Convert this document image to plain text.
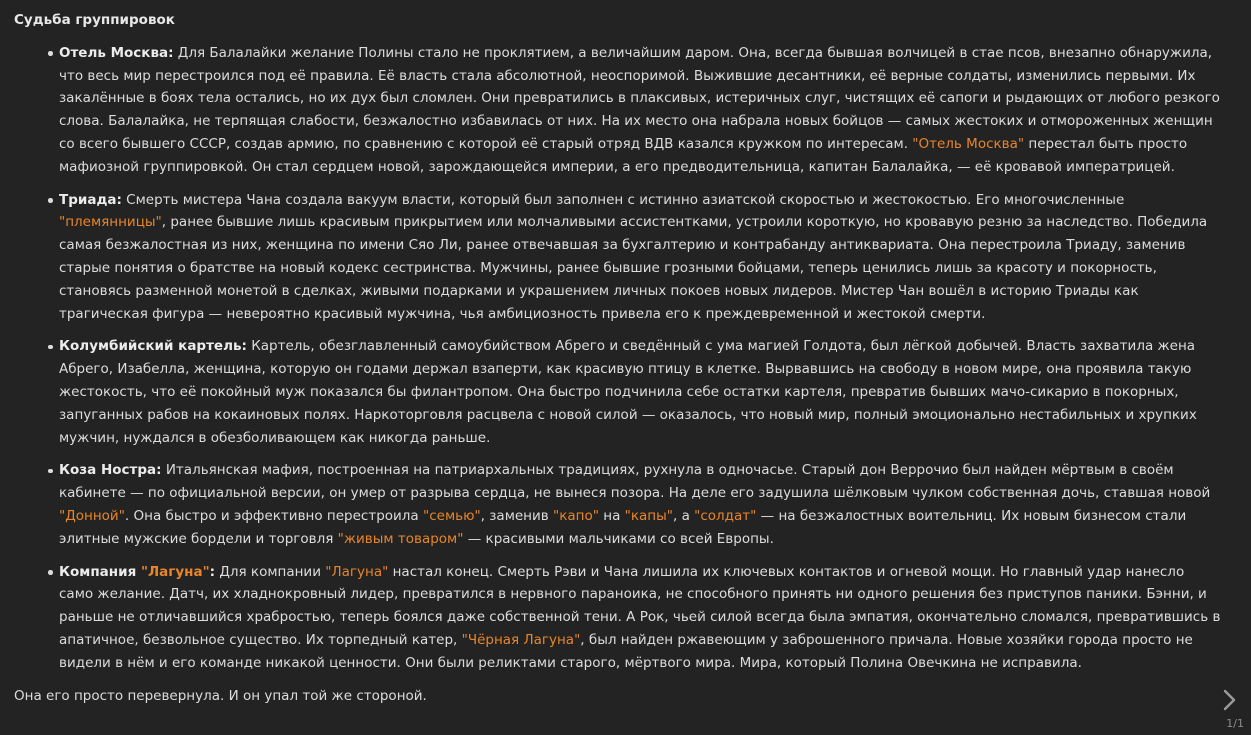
Судьба группировок
Отель Москва: Для Балалайки желание Полины стало не проклятием, а величайшим даром. Она, всегда бывшая волчицей в стае псов, внезапно обнаружила, что весь мир перестроился под её правила. Её власть стала абсолютной, неоспоримой. Выжившие десантники, её верные солдаты, изменились первыми. Их закалённые в боях тела остались, но их дух был сломлен. Они превратились в плаксивых, истеричных слуг, чистящих её сапоги и рыдающих от любого резкого слова. Балалайка, не терпящая слабости, безжалостно избавилась от них. На их место она набрала новых бойцов — самых жестоких и отмороженных женщин со всего бывшего СССР, создав армию, по сравнению с которой её старый отряд ВДВ казался кружком по интересам. "Отель Москва" перестал быть просто мафиозной группировкой. Он стал сердцем новой, зарождающейся империи, а его предводительница, капитан Балалайка, — её кровавой императрицей.
Триада: Смерть мистера Чана создала вакуум власти, который был заполнен с истинно азиатской скоростью и жестокостью. Его многочисленные "племянницы", ранее бывшие лишь красивым прикрытием или молчаливыми ассистентками, устроили короткую, но кровавую резню за наследство. Победила самая безжалостная из них, женщина по имени Сяо Ли, ранее отвечавшая за бухгалтерию и контрабанду антиквариата. Она перестроила Триаду, заменив старые понятия о братстве на новый кодекс сестринства. Мужчины, ранее бывшие грозными бойцами, теперь ценились лишь за красоту и покорность, становясь разменной монетой в сделках, живыми подарками и украшением личных покоев новых лидеров. Мистер Чан вошёл в историю Триады как трагическая фигура — невероятно красивый мужчина, чья амбициозность привела его к преждевременной и жестокой смерти.
Колумбийский картель: Картель, обезглавленный самоубийством Абрего и сведённый с ума магией Голдота, был лёгкой добычей. Власть захватила жена Абрего, Изабелла, женщина, которую он годами держал взаперти, как красивую птицу в клетке. Вырвавшись на свободу в новом мире, она проявила такую жестокость, что её покойный муж показался бы филантропом. Она быстро подчинила себе остатки картеля, превратив бывших мачо-сикарио в покорных, запуганных рабов на кокаиновых полях. Наркоторговля расцвела с новой силой — оказалось, что новый мир, полный эмоционально нестабильных и хрупких мужчин, нуждался в обезболивающем как никогда раньше.
Коза Ностра: Итальянская мафия, построенная на патриархальных традициях, рухнула в одночасье. Старый дон Веррочио был найден мёртвым в своём кабинете — по официальной версии, он умер от разрыва сердца, не вынеся позора. На деле его задушила шёлковым чулком собственная дочь, ставшая новой "Донной". Она быстро и эффективно перестроила "семью", заменив "капо" на "капы", а "солдат" — на безжалостных воительниц. Их новым бизнесом стали элитные мужские бордели и торговля "живым товаром" — красивыми мальчиками со всей Европы.
Компания "Лагуна": Для компании "Лагуна" настал конец. Смерть Рэви и Чана лишила их ключевых контактов и огневой мощи. Но главный удар нанесло само желание. Датч, их хладнокровный лидер, превратился в нервного параноика, не способного принять ни одного решения без приступов паники. Бэнни, и раньше не отличавшийся храбростью, теперь боялся даже собственной тени. А Рок, чьей силой всегда была эмпатия, окончательно сломался, превратившись в апатичное, безвольное существо. Их торпедный катер, "Чёрная Лагуна", был найден ржавеющим у заброшенного причала. Новые хозяйки города просто не видели в нём и его команде никакой ценности. Они были реликтами старого, мёртвого мира. Мира, который Полина Овечкина не исправила.

Она его просто перевернула. И он упал той же стороной.

1/1
